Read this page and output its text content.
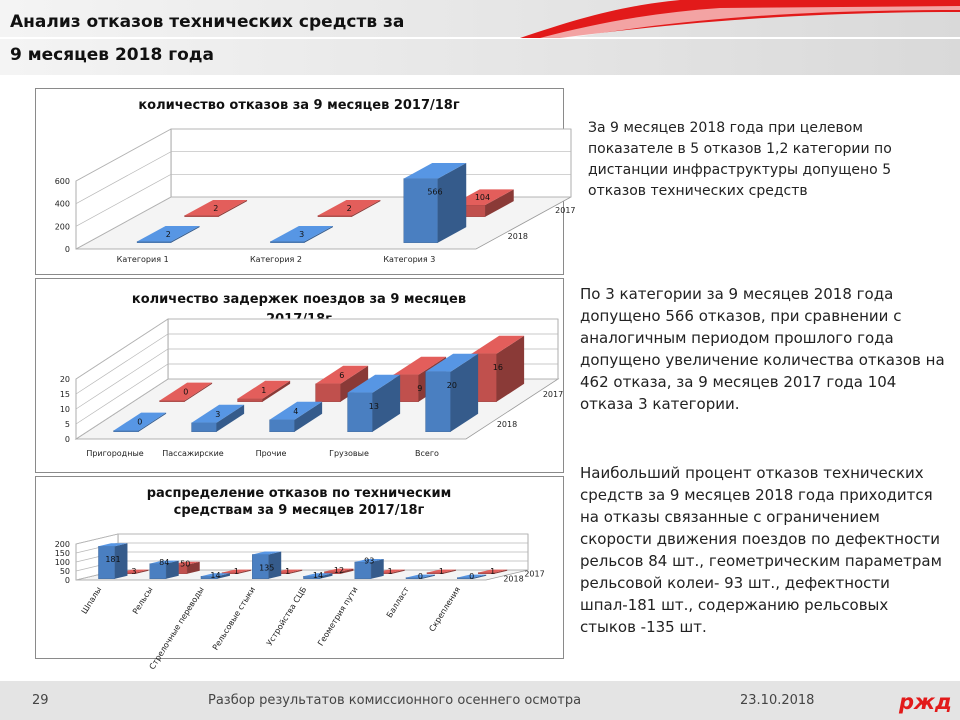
Анализ отказов технических средств за
9 месяцев 2018 года
количество отказов за 9 месяцев 2017/18г
0
200
400
600
2	2
104
2	3
566
2018
2017
Категория 1	Категория 2	Категория 3
количество задержек поездов за 9 месяцев
0
5
10
15
20
0	1
6
9
16
0
3	4
13
20
2018
2017
Пригородные Пассажирские	Прочие	Грузовые	Всего
распределение отказов по техническим
средствам за 9 месяцев 2017/18г
0
50
100
150
200
3
50
1	1	12	1	1	1
181	84
14
135
14
93
0	0	2018
2017
Шпалы	Рельсы
Стрелочные переводы Рельсовые стыки Устройства СЦБ Геометрия пути	Балласт Скрепления

За 9 месяцев 2018 года при целевом показателе в 5 отказов 1,2 категории по дистанции инфраструктуры допущено 5 отказов технических средств

По 3 категории за 9 месяцев 2018 года допущено 566 отказов, при сравнении с аналогичным периодом прошлого года допущено увеличение количества отказов на 462 отказа, за 9 месяцев 2017 года 104 отказа 3 категории.

Наибольший процент отказов технических средств за 9 месяцев 2018 года приходится на отказы связанные с ограничением скорости движения поездов по дефектности рельсов 84 шт., геометрическим параметрам рельсовой колеи- 93 шт., дефектности шпал-181 шт., содержанию рельсовых стыков -135 шт.

29	Разбор результатов комиссионного осеннего осмотра	23.10.2018	ржд
